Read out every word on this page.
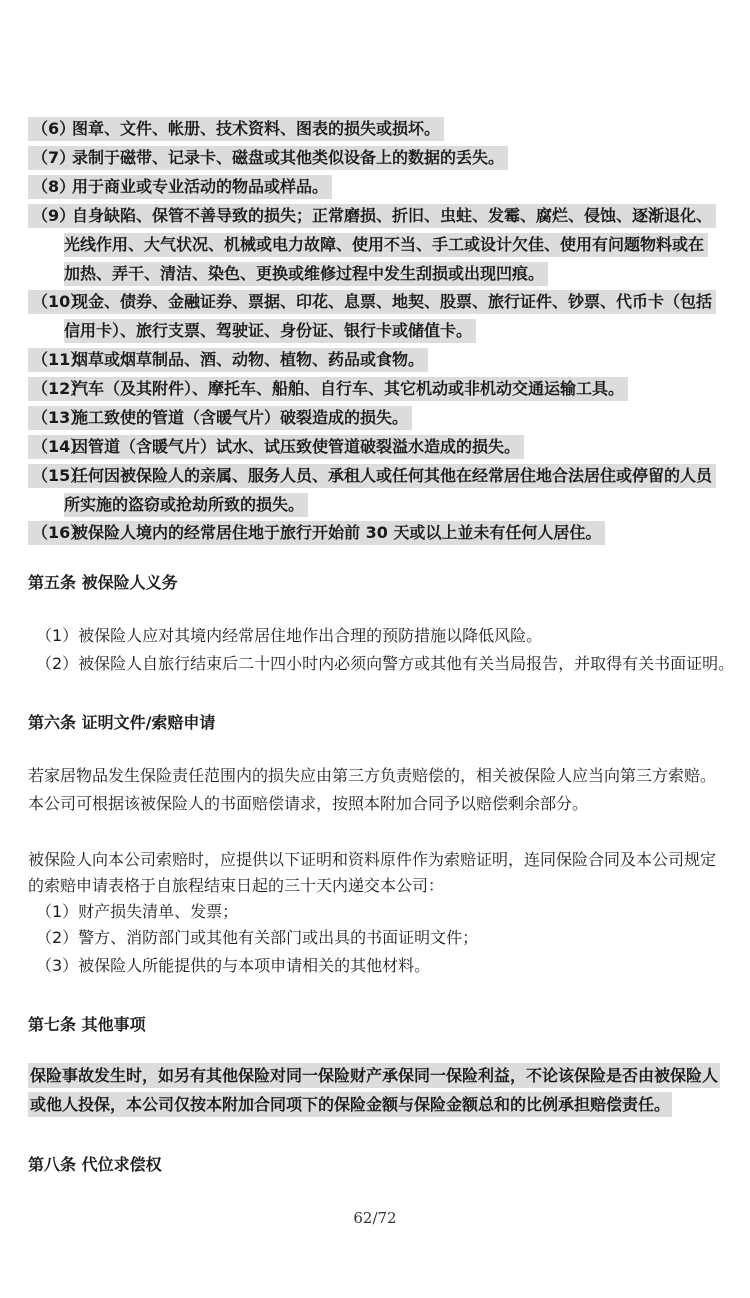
（6）图章、文件、帐册、技术资料、图表的损失或损坏。
（7）录制于磁带、记录卡、磁盘或其他类似设备上的数据的丢失。
（8）用于商业或专业活动的物品或样品。
（9）自身缺陷、保管不善导致的损失；正常磨损、折旧、虫蛀、发霉、腐烂、侵蚀、逐渐退化、
光线作用、大气状况、机械或电力故障、使用不当、手工或设计欠佳、使用有问题物料或在
加热、弄干、清洁、染色、更换或维修过程中发生刮损或出现凹痕。
（10）现金、债券、金融证券、票据、印花、息票、地契、股票、旅行证件、钞票、代币卡（包括
信用卡）、旅行支票、驾驶证、身份证、银行卡或储值卡。
（11）烟草或烟草制品、酒、动物、植物、药品或食物。
（12）汽车（及其附件）、摩托车、船舶、自行车、其它机动或非机动交通运输工具。
（13）施工致使的管道（含暖气片）破裂造成的损失。
（14）因管道（含暖气片）试水、试压致使管道破裂溢水造成的损失。
（15）任何因被保险人的亲属、服务人员、承租人或任何其他在经常居住地合法居住或停留的人员
所实施的盗窃或抢劫所致的损失。
（16）被保险人境内的经常居住地于旅行开始前 30 天或以上並未有任何人居住。
第五条 被保险人义务
（1）被保险人应对其境内经常居住地作出合理的预防措施以降低风险。
（2）被保险人自旅行结束后二十四小时内必须向警方或其他有关当局报告，并取得有关书面证明。
第六条 证明文件/索赔申请
若家居物品发生保险责任范围内的损失应由第三方负责赔偿的，相关被保险人应当向第三方索赔。
本公司可根据该被保险人的书面赔偿请求，按照本附加合同予以赔偿剩余部分。
被保险人向本公司索赔时，应提供以下证明和资料原件作为索赔证明，连同保险合同及本公司规定
的索赔申请表格于自旅程结束日起的三十天内递交本公司：
（1）财产损失清单、发票；
（2）警方、消防部门或其他有关部门或出具的书面证明文件；
（3）被保险人所能提供的与本项申请相关的其他材料。
第七条 其他事项
保险事故发生时，如另有其他保险对同一保险财产承保同一保险利益，不论该保险是否由被保险人
或他人投保，本公司仅按本附加合同项下的保险金额与保险金额总和的比例承担赔偿责任。
第八条 代位求偿权
62/72
